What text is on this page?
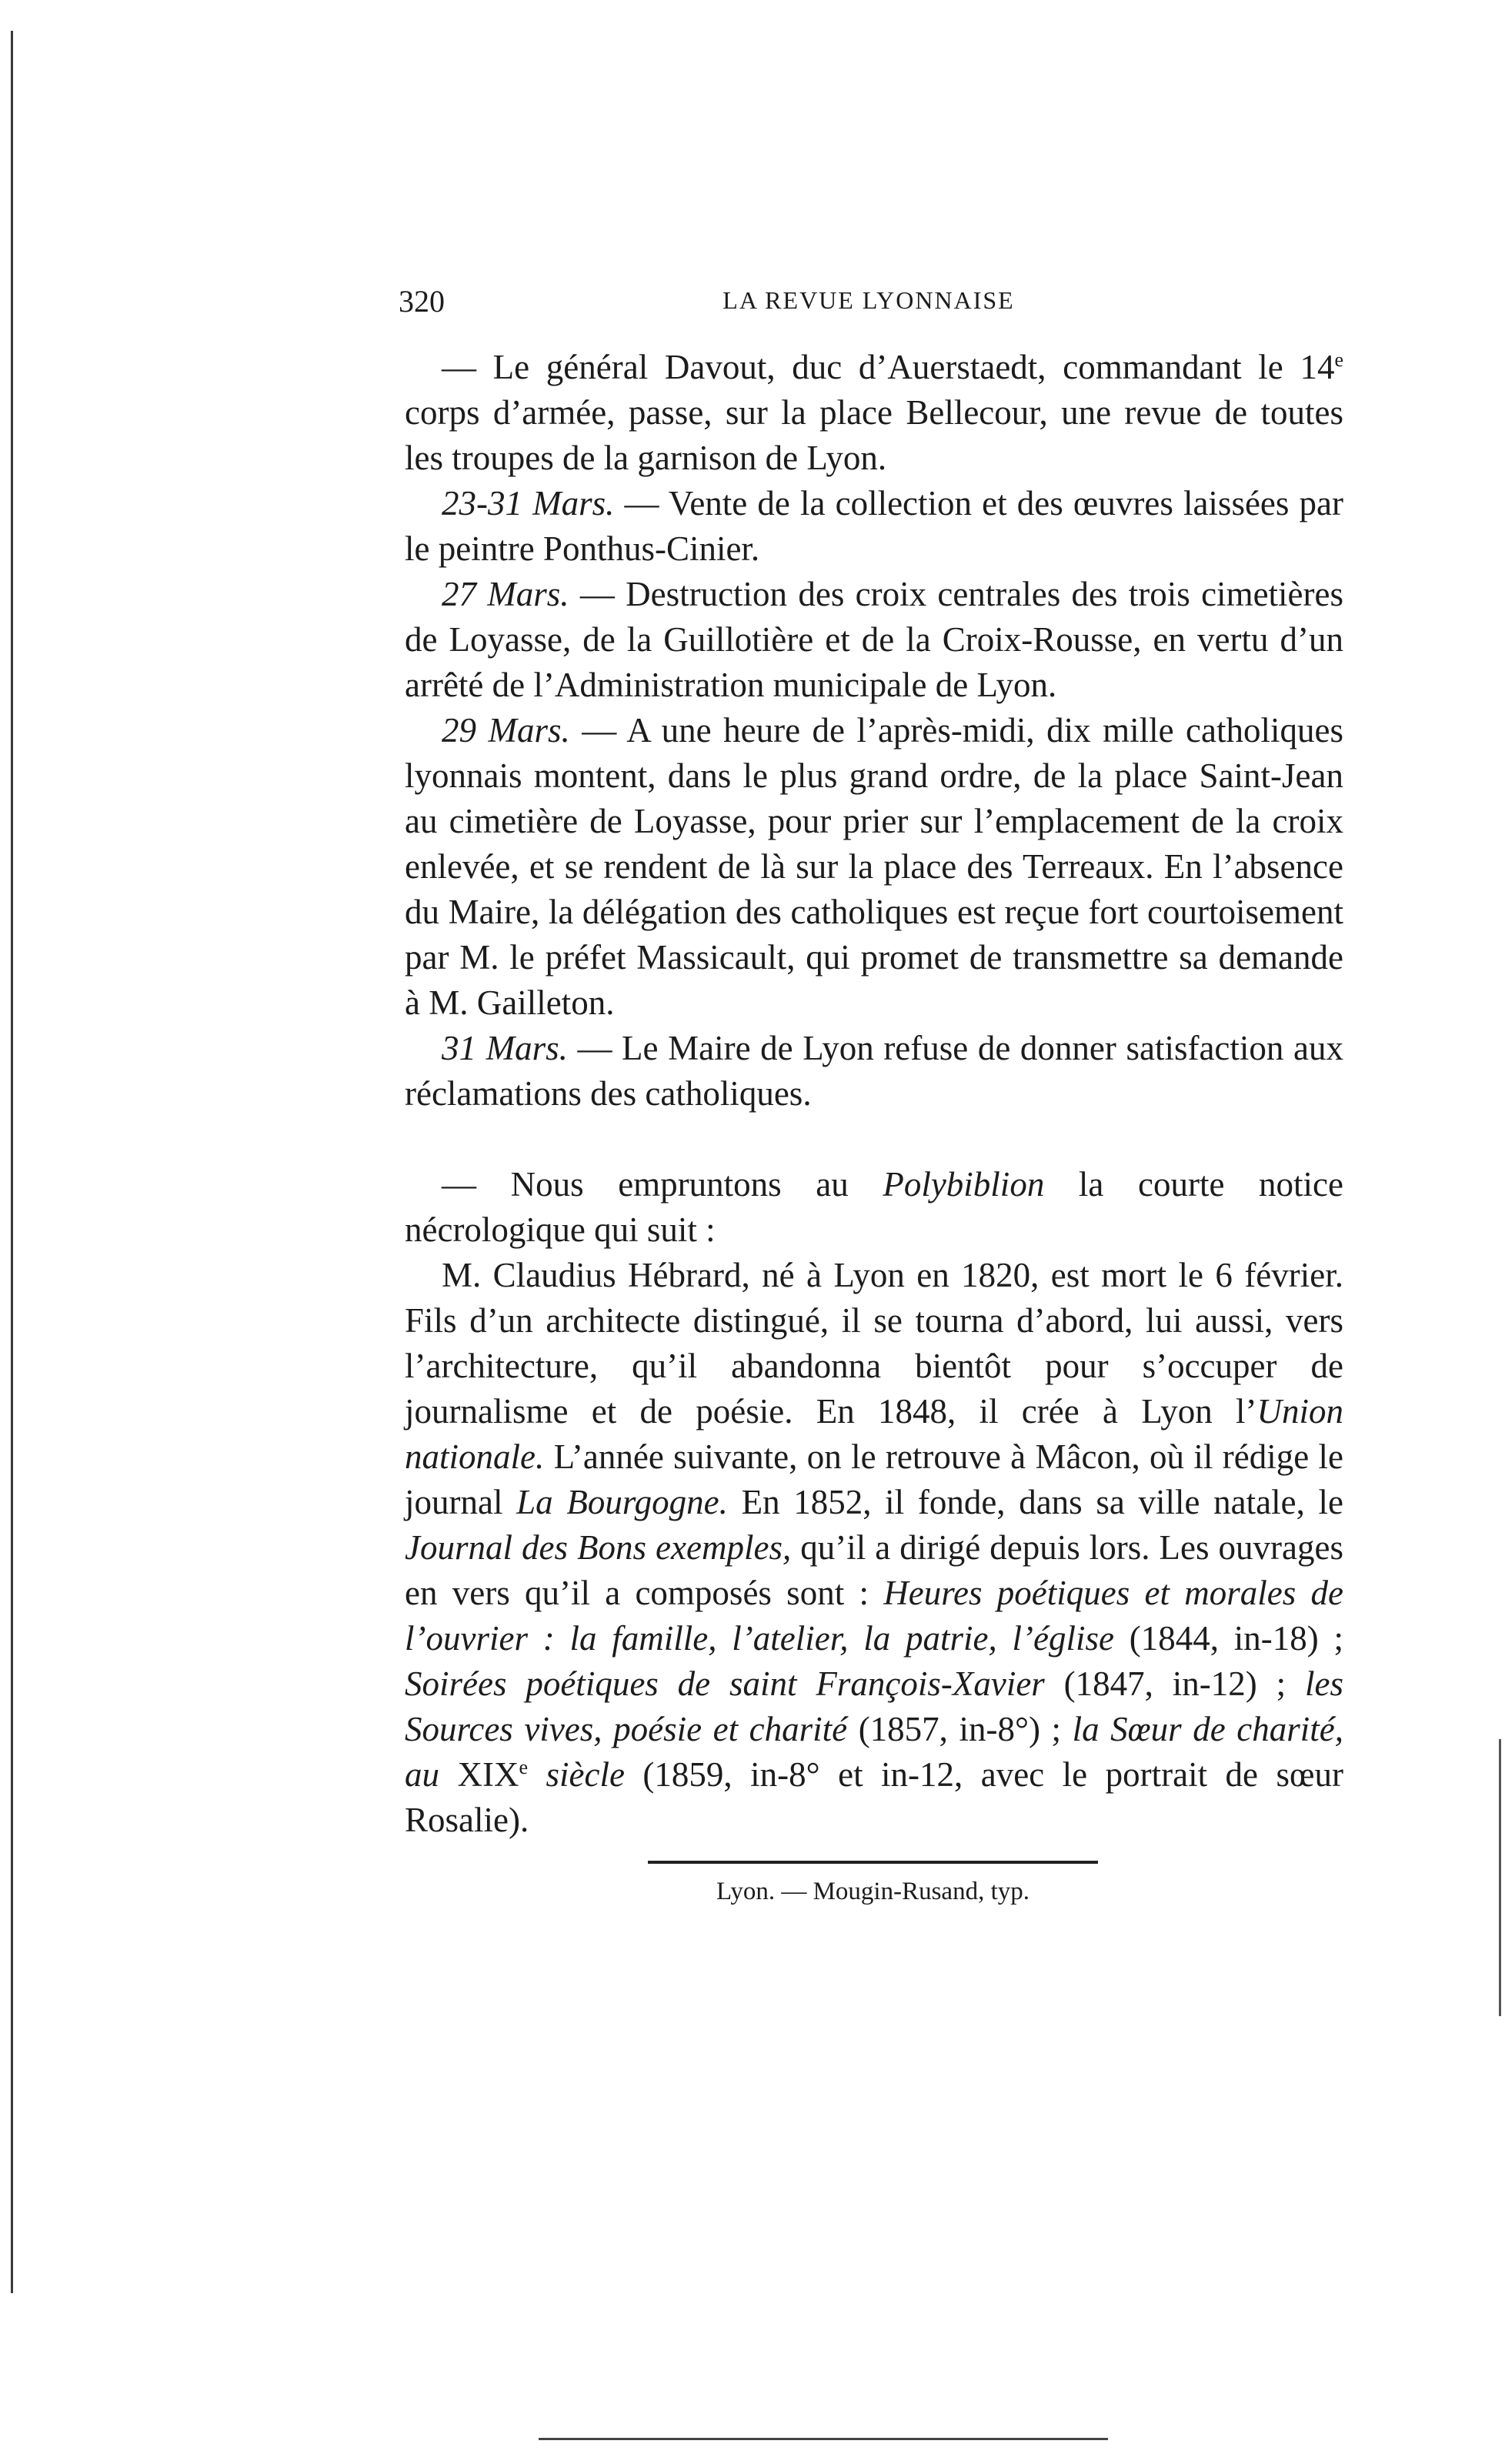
320	LA REVUE LYONNAISE

— Le général Davout, duc d’Auerstaedt, commandant le 14e corps d’armée, passe, sur la place Bellecour, une revue de toutes les troupes de la garnison de Lyon.

23-31 Mars. — Vente de la collection et des œuvres laissées par le peintre Ponthus-Cinier.

27 Mars. — Destruction des croix centrales des trois cimetières de Loyasse, de la Guillotière et de la Croix-Rousse, en vertu d’un arrêté de l’Administration municipale de Lyon.

29 Mars. — A une heure de l’après-midi, dix mille catholiques lyonnais montent, dans le plus grand ordre, de la place Saint-Jean au cimetière de Loyasse, pour prier sur l’emplacement de la croix enlevée, et se rendent de là sur la place des Terreaux. En l’absence du Maire, la délégation des catholiques est reçue fort courtoisement par M. le préfet Massicault, qui promet de transmettre sa demande à M. Gailleton.

31 Mars. — Le Maire de Lyon refuse de donner satisfaction aux réclamations des catholiques.

— Nous empruntons au Polybiblion la courte notice nécrologique qui suit :

M. Claudius Hébrard, né à Lyon en 1820, est mort le 6 février. Fils d’un architecte distingué, il se tourna d’abord, lui aussi, vers l’architecture, qu’il abandonna bientôt pour s’occuper de journalisme et de poésie. En 1848, il crée à Lyon l’Union nationale. L’année suivante, on le retrouve à Mâcon, où il rédige le journal La Bourgogne. En 1852, il fonde, dans sa ville natale, le Journal des Bons exemples, qu’il a dirigé depuis lors. Les ouvrages en vers qu’il a composés sont : Heures poétiques et morales de l’ouvrier : la famille, l’atelier, la patrie, l’église (1844, in-18) ; Soirées poétiques de saint François-Xavier (1847, in-12) ; les Sources vives, poésie et charité (1857, in-8°) ; la Sœur de charité, au XIXe siècle (1859, in-8° et in-12, avec le portrait de sœur Rosalie).

Lyon. — Mougin-Rusand, typ.
